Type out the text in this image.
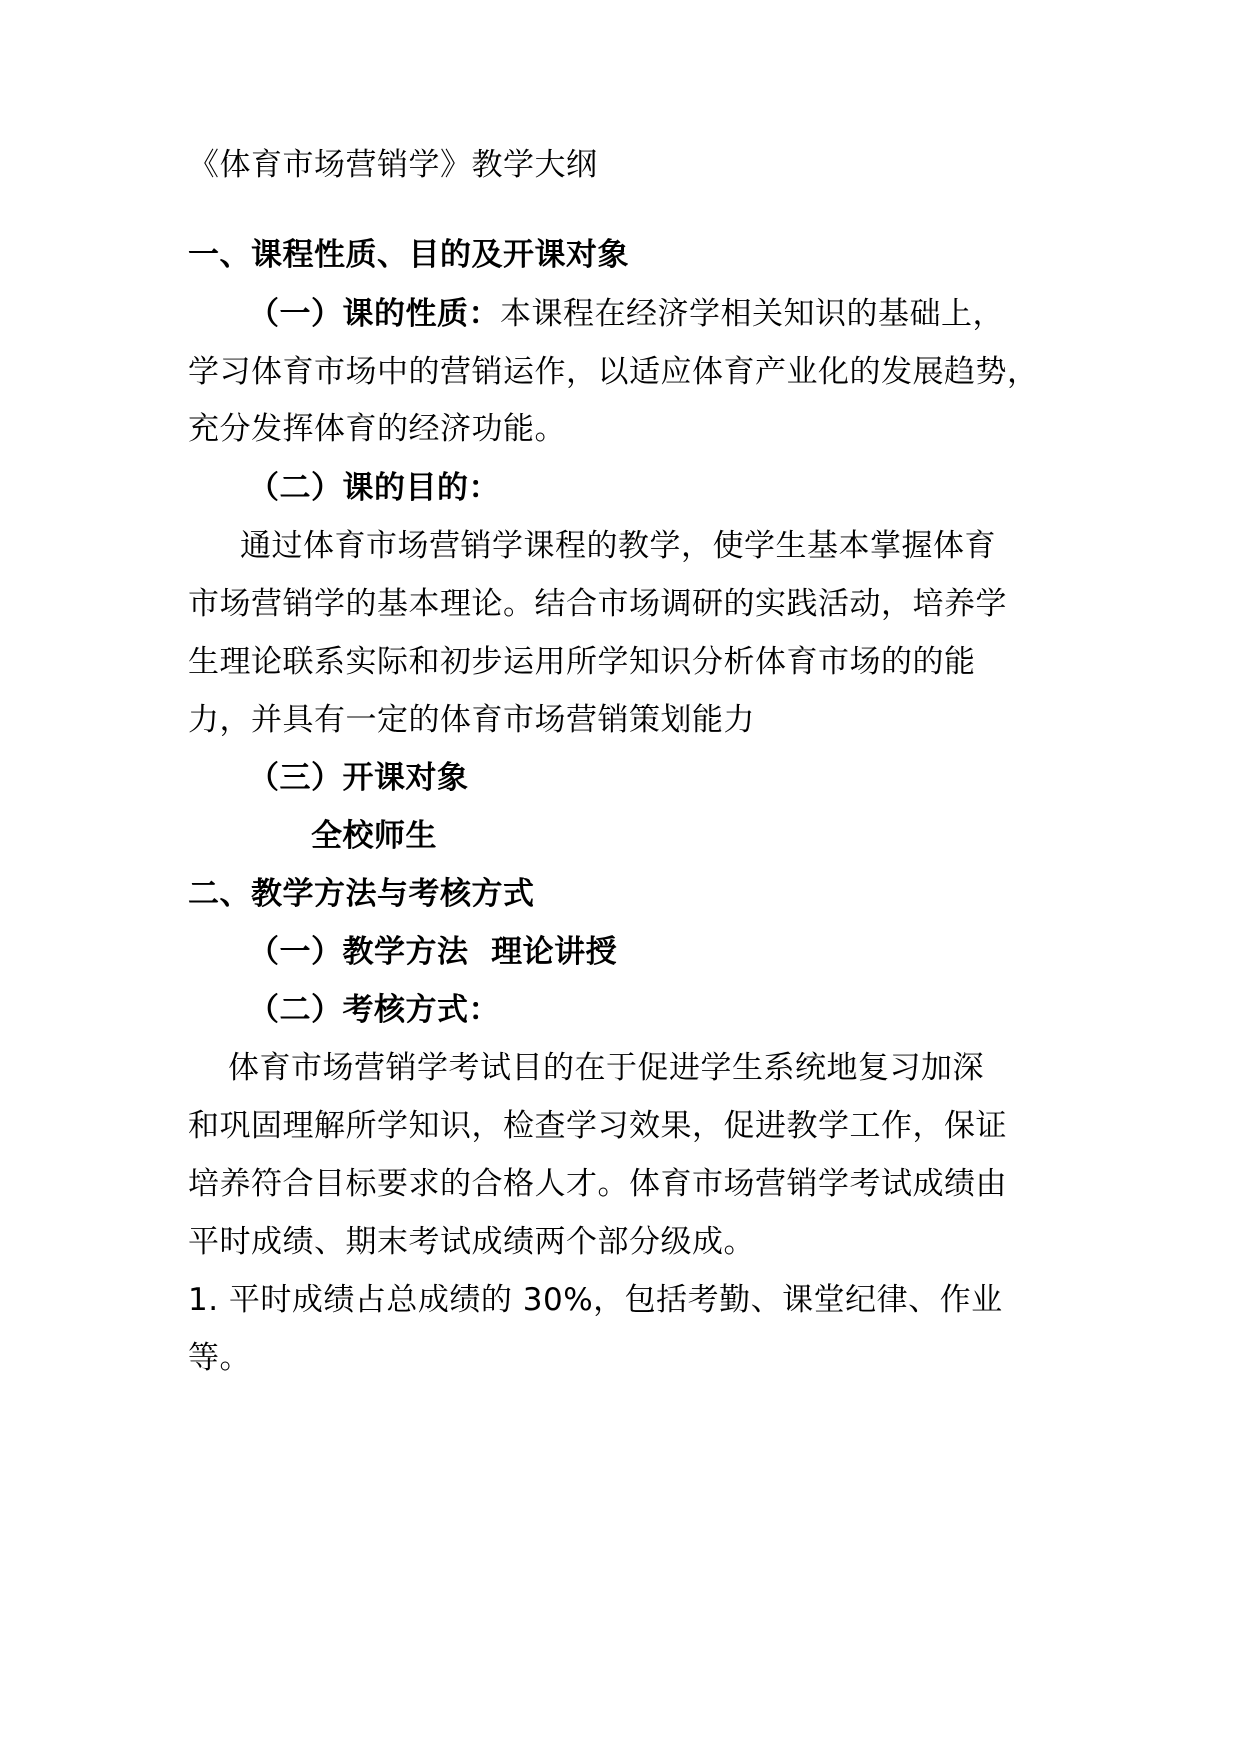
《体育市场营销学》教学大纲
一、课程性质、目的及开课对象
（一）课的性质：本课程在经济学相关知识的基础上，
学习体育市场中的营销运作，以适应体育产业化的发展趋势，
充分发挥体育的经济功能。
（二）课的目的：
通过体育市场营销学课程的教学，使学生基本掌握体育
市场营销学的基本理论。结合市场调研的实践活动，培养学
生理论联系实际和初步运用所学知识分析体育市场的的能
力，并具有一定的体育市场营销策划能力
（三）开课对象
全校师生
二、教学方法与考核方式
（一）教学方法  理论讲授
（二）考核方式：
体育市场营销学考试目的在于促进学生系统地复习加深
和巩固理解所学知识，检查学习效果，促进教学工作，保证
培养符合目标要求的合格人才。体育市场营销学考试成绩由
平时成绩、期末考试成绩两个部分级成。
1. 平时成绩占总成绩的 30%，包括考勤、课堂纪律、作业
等。
